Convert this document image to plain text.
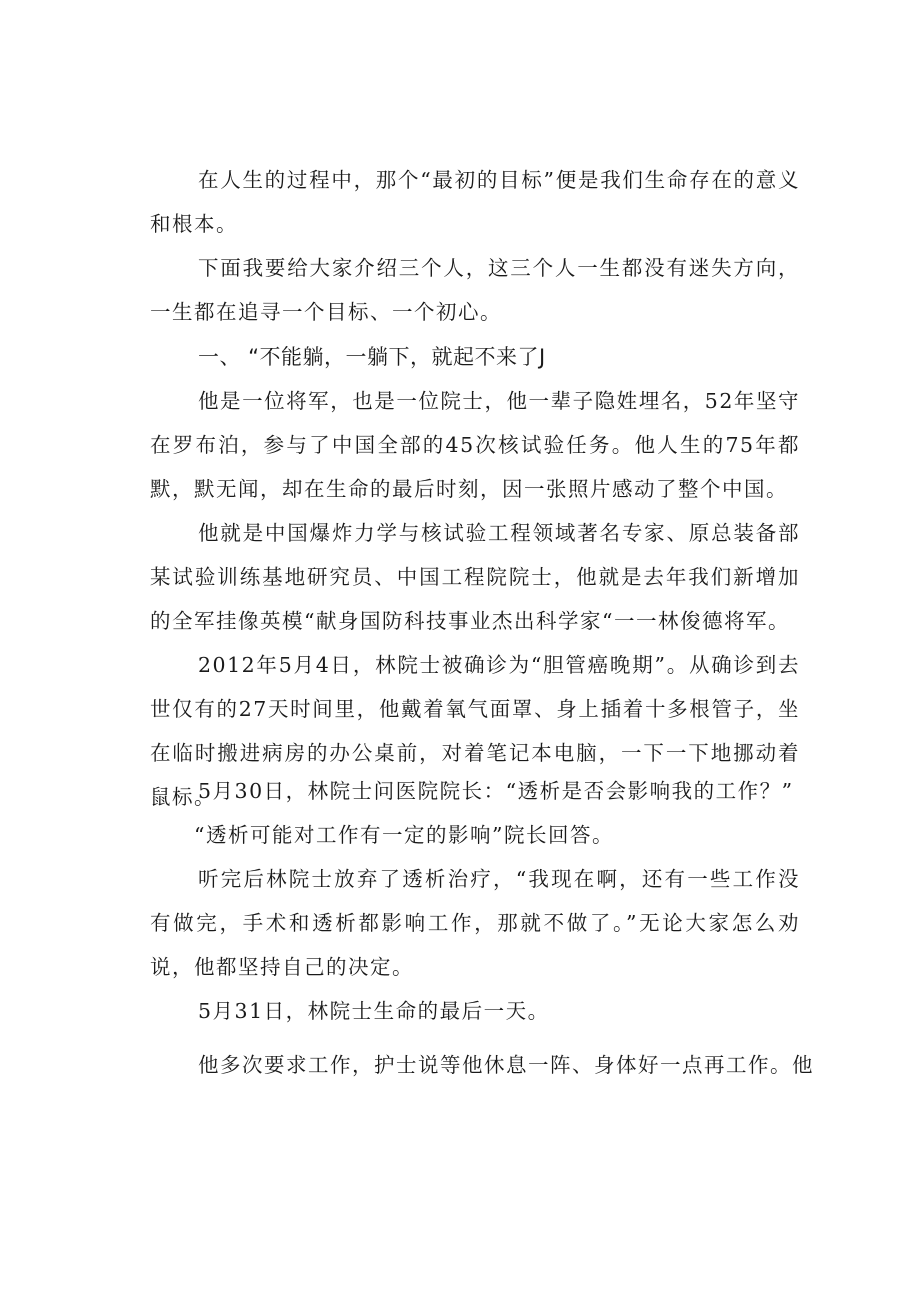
在人生的过程中，那个“最初的目标”便是我们生命存在的意义和根本。

下面我要给大家介绍三个人，这三个人一生都没有迷失方向，一生都在追寻一个目标、一个初心。

一、 “不能躺，一躺下，就起不来了J

他是一位将军，也是一位院士，他一辈子隐姓埋名，52年坚守在罗布泊，参与了中国全部的45次核试验任务。他人生的75年都默，默无闻，却在生命的最后时刻，因一张照片感动了整个中国。

他就是中国爆炸力学与核试验工程领域著名专家、原总装备部某试验训练基地研究员、中国工程院院士，他就是去年我们新增加的全军挂像英模“献身国防科技事业杰出科学家“一一林俊德将军。

2012年5月4日，林院士被确诊为“胆管癌晚期”。从确诊到去世仅有的27天时间里，他戴着氧气面罩、身上插着十多根管子，坐在临时搬进病房的办公桌前，对着笔记本电脑，一下一下地挪动着鼠标。

5月30日，林院士问医院院长：“透析是否会影响我的工作？”

“透析可能对工作有一定的影响”院长回答。

听完后林院士放弃了透析治疗，“我现在啊，还有一些工作没有做完，手术和透析都影响工作，那就不做了。”无论大家怎么劝说，他都坚持自己的决定。

5月31日，林院士生命的最后一天。

他多次要求工作，护士说等他休息一阵、身体好一点再工作。他
